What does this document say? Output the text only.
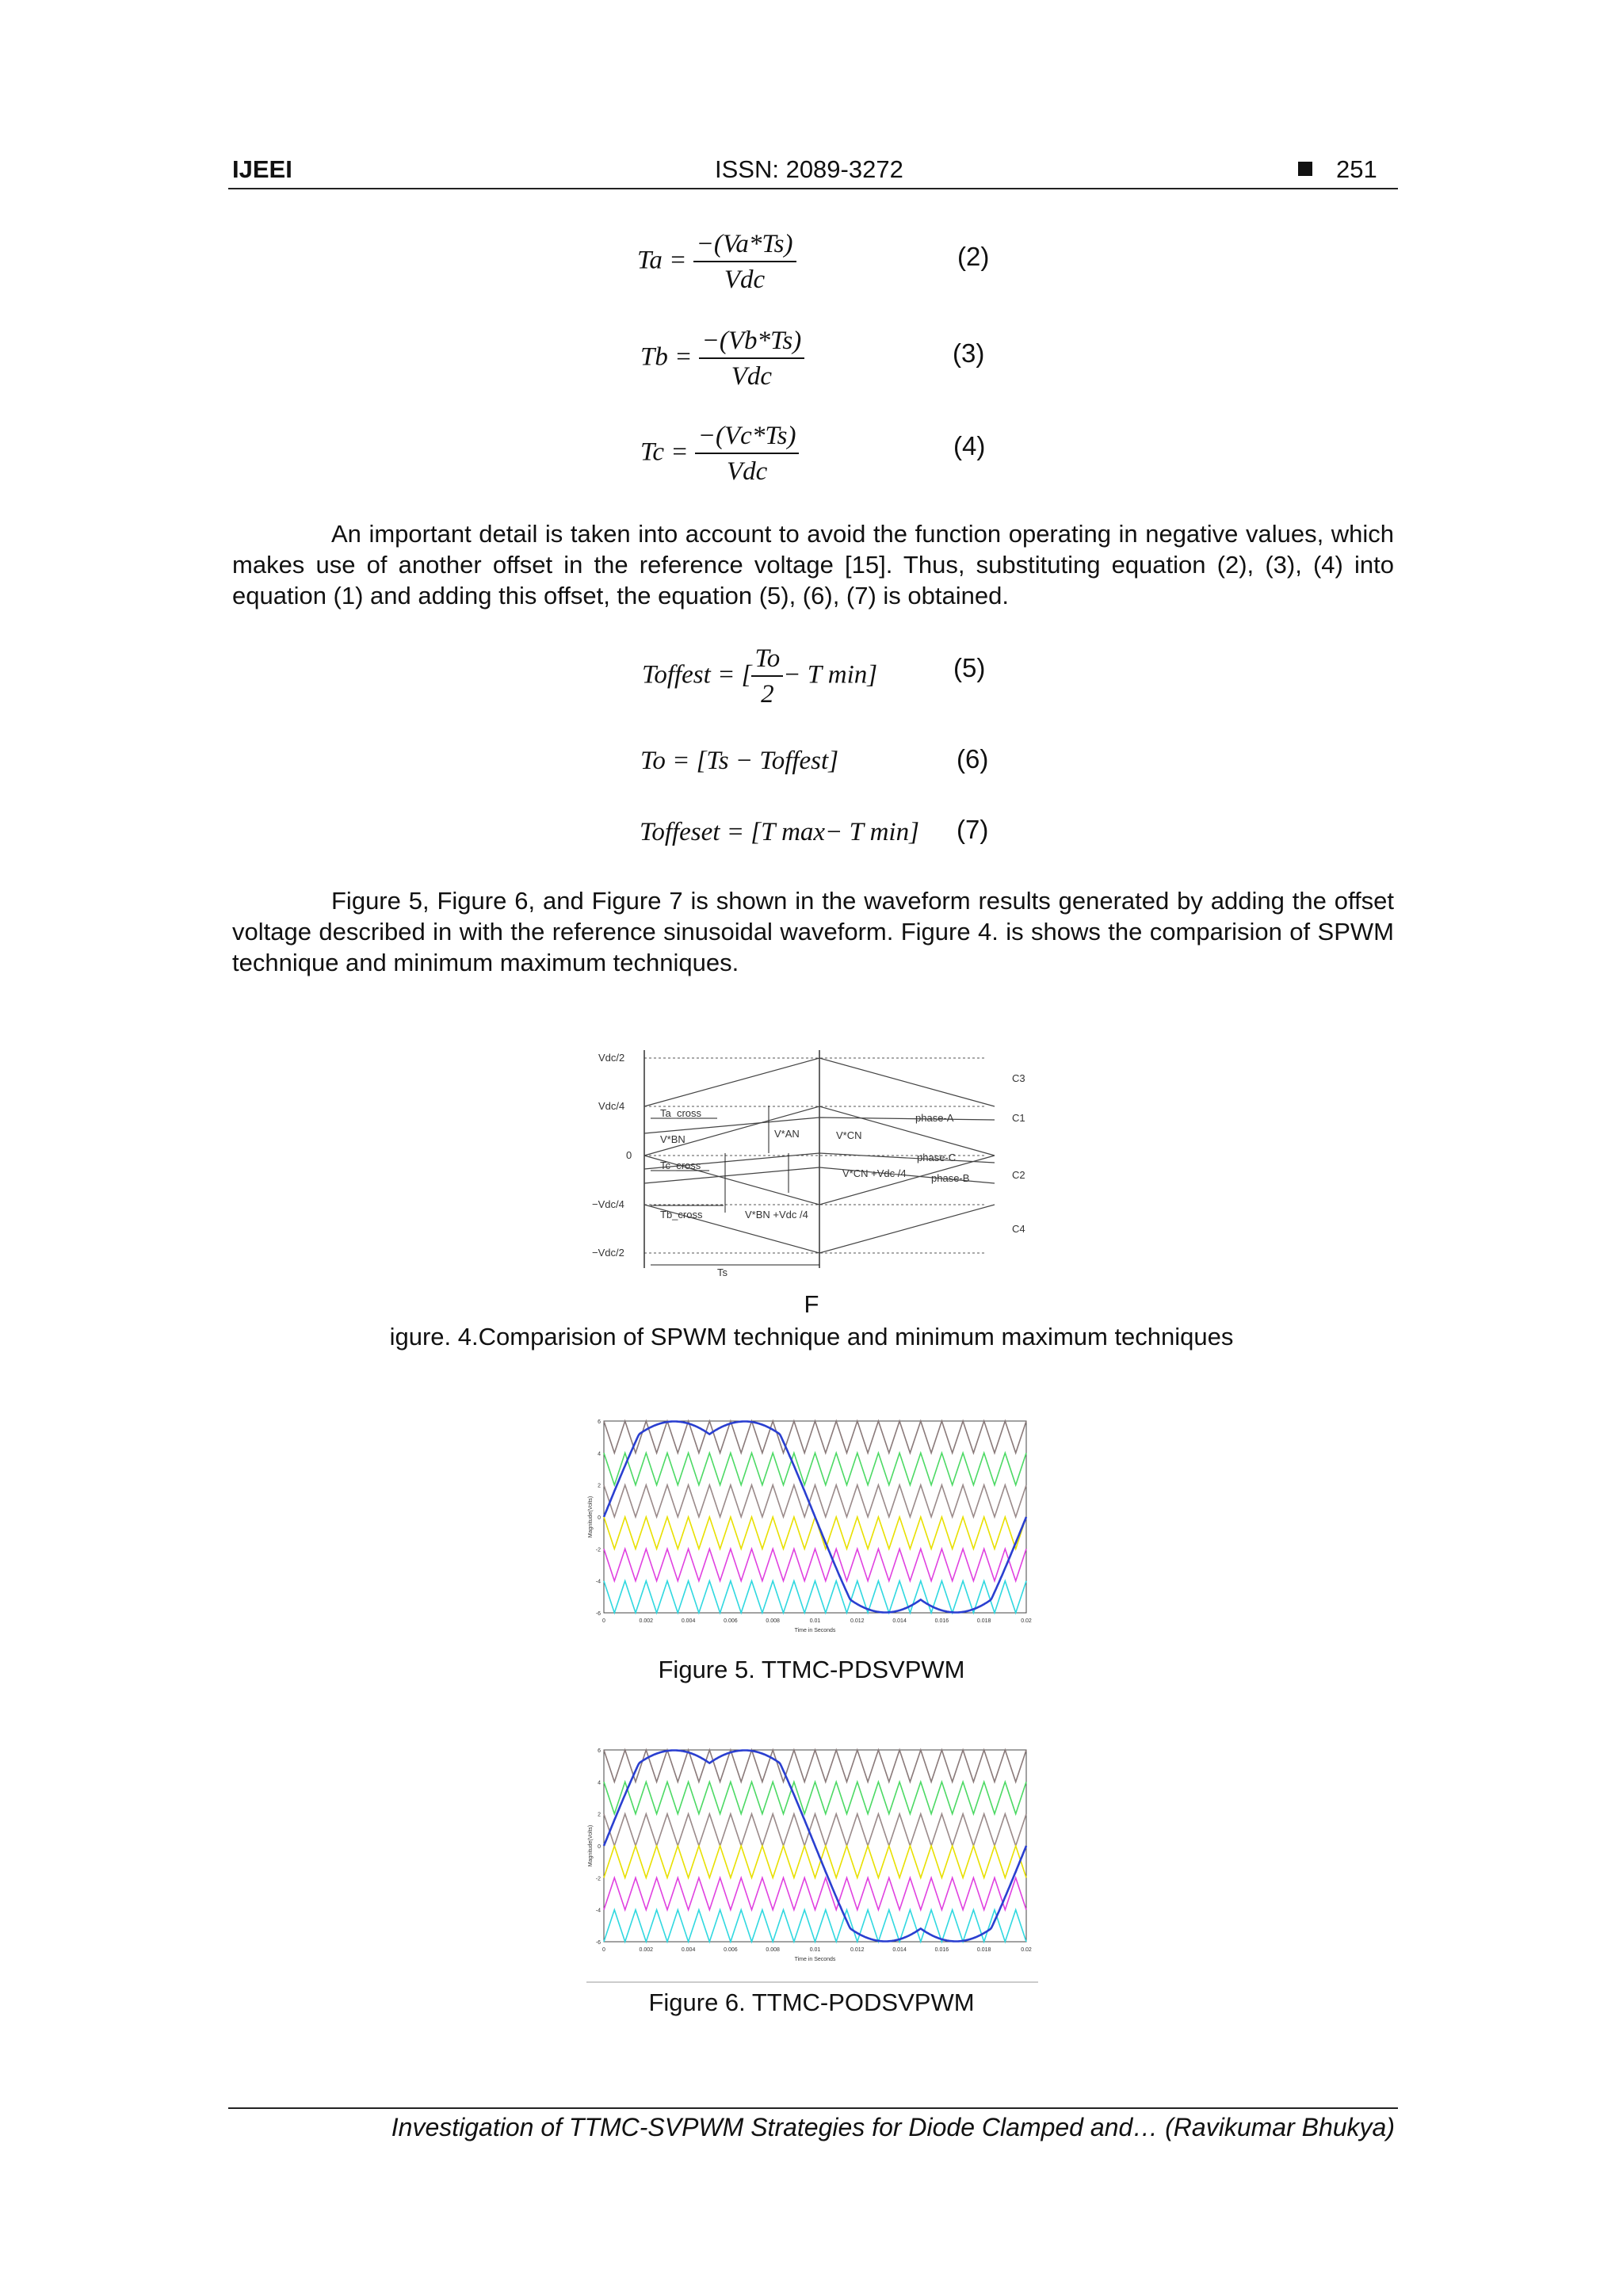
IJEEI	ISSN: 2089-3272	251
$Ta = \frac{-(Va*Ts)}{\text{Vdc}}$	(2)
$Tb = \frac{-(Vb*Ts)}{\text{Vdc}}$	(3)
$Tc = \frac{-(Vc*Ts)}{\text{Vdc}}$	(4)

An important detail is taken into account to avoid the function operating in negative values, which makes use of another offset in the reference voltage [15]. Thus, substituting equation (2), (3), (4) into equation (1) and adding this offset, the equation (5), (6), (7) is obtained.

Toffest = [ $\frac{To}{2} - T$ min]	(5)
To = [Ts − Toffest]	(6)
Toffeset = [T max− T min] (7)

Figure 5, Figure 6, and Figure 7 is shown in the waveform results generated by adding the offset voltage described in with the reference sinusoidal waveform. Figure 4. is shows the comparision of SPWM technique and minimum maximum techniques.

Vdc/2
Vdc/4
0
−Vdc/4
−Vdc/2
C3
C1
C2
C4
phase-A
phase-C
phase-B
Ta_cross
Tc_cross
Tb_cross
V*BN	V*AN	V*CN
V*CN +Vdc /4
V*BN +Vdc /4
Ts
F
igure. 4.Comparision of SPWM technique and minimum maximum techniques
0	0.002	0.004	0.006	0.008	0.01	0.012	0.014	0.016	0.018	0.02
6
4
2
0
-2
-4
-6
Time in Seconds
Magnitude(Volts)
Figure 5. TTMC-PDSVPWM
0	0.002	0.004	0.006	0.008	0.01	0.012	0.014	0.016	0.018	0.02
6
4
2
0
-2
-4
-6
Time in Seconds
Magnitude(Volts)
Figure 6. TTMC-PODSVPWM
Investigation of TTMC-SVPWM Strategies for Diode Clamped and… (Ravikumar Bhukya)
